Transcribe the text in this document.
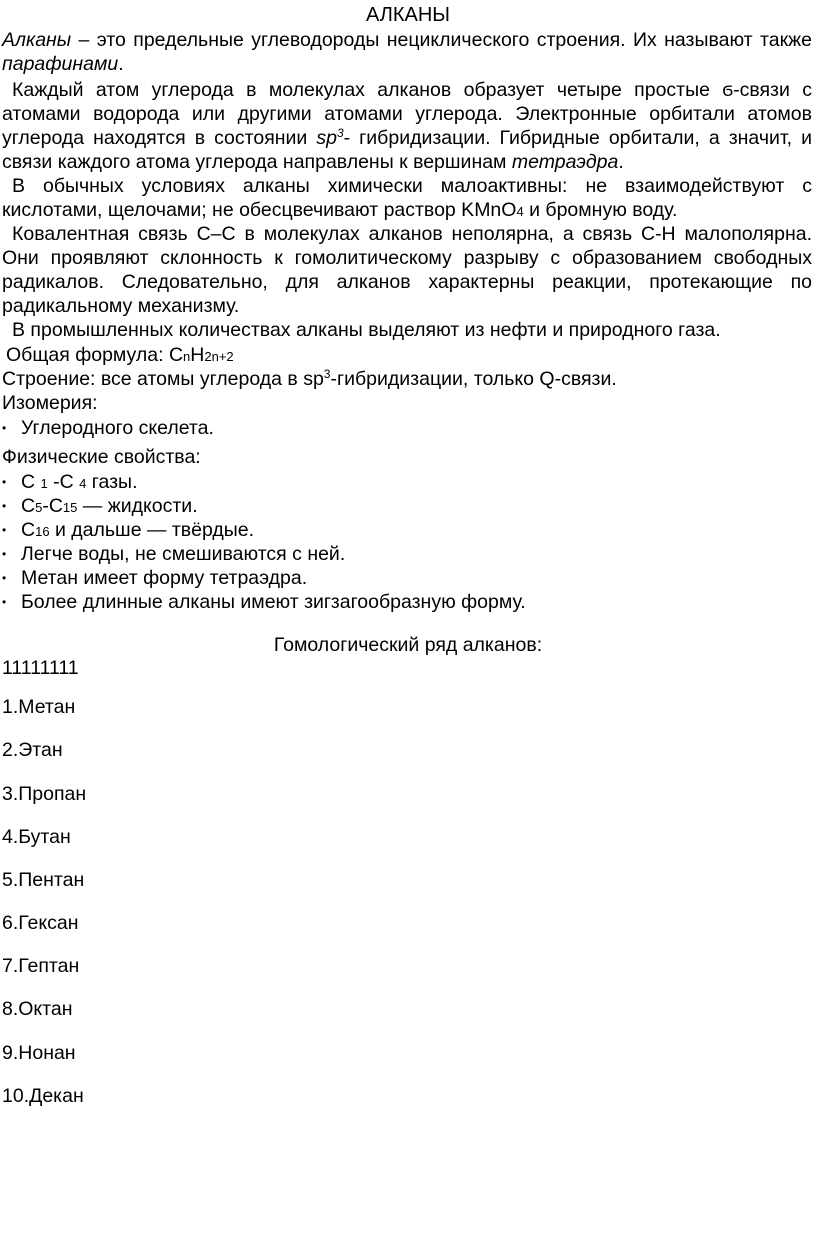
АЛКАНЫ

Алканы – это предельные углеводороды нециклического строения. Их называют также парафинами.

Каждый атом углерода в молекулах алканов образует четыре простые ϭ-связи с атомами водорода или другими атомами углерода. Электронные орбитали атомов углерода находятся в состоянии $sp^3-$ гибридизации. Гибридные орбитали, а значит, и связи каждого атома углерода направлены к вершинам тетраэдра.

В обычных условиях алканы химически малоактивны: не взаимодействуют с кислотами, щелочами; не обесцвечивают раствор KMnO4 и бромную воду.

Ковалентная связь С–С в молекулах алканов неполярна, а связь С-Н малополярна. Они проявляют склонность к гомолитическому разрыву с образованием свободных радикалов. Следовательно, для алканов характерны реакции, протекающие по радикальному механизму.

В промышленных количествах алканы выделяют из нефти и природного газа.

Общая формула: CnH2n+2
Строение: все атомы углерода в $sp^3$-гибридизации, только Q-связи.
Изомерия:
• Углеродного скелета.
Физические свойства:
• C 1 -C 4 газы.
• C5-C15 — жидкости.
• C16 и дальше — твёрдые.
• Легче воды, не смешиваются с ней.
• Метан имеет форму тетраэдра.
• Более длинные алканы имеют зигзагообразную форму.
Гомологический ряд алканов:
11111111
1.Метан
2.Этан
3.Пропан
4.Бутан
5.Пентан
6.Гексан
7.Гептан
8.Октан
9.Нонан
10.Декан
